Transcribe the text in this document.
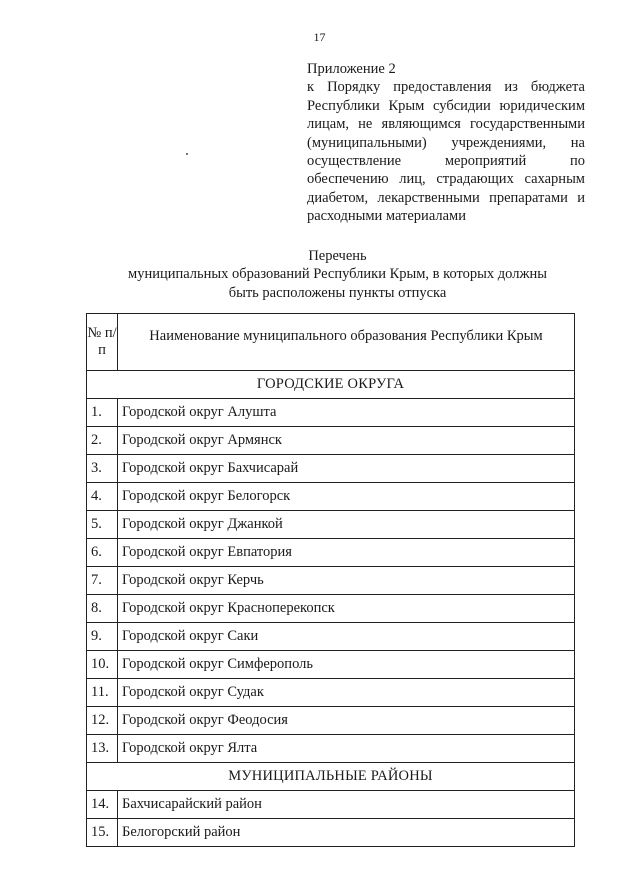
17
Приложение 2
к Порядку предоставления из бюджета
Республики Крым субсидии юридическим
лицам, не являющимся государственными
(муниципальными) учреждениями, на
осуществление мероприятий по
обеспечению лиц, страдающих сахарным
диабетом, лекарственными препаратами и
расходными материалами
Перечень
муниципальных образований Республики Крым, в которых должны
быть расположены пункты отпуска
№ п/п	Наименование муниципального образования Республики Крым
ГОРОДСКИЕ ОКРУГА	
1.	Городской округ Алушта
2.	Городской округ Армянск
3.	Городской округ Бахчисарай
4.	Городской округ Белогорск
5.	Городской округ Джанкой
6.	Городской округ Евпатория
7.	Городской округ Керчь
8.	Городской округ Красноперекопск
9.	Городской округ Саки
10.	Городской округ Симферополь
11.	Городской округ Судак
12.	Городской округ Феодосия
13.	Городской округ Ялта
МУНИЦИПАЛЬНЫЕ РАЙОНЫ	
14.	Бахчисарайский район
15.	Белогорский район
